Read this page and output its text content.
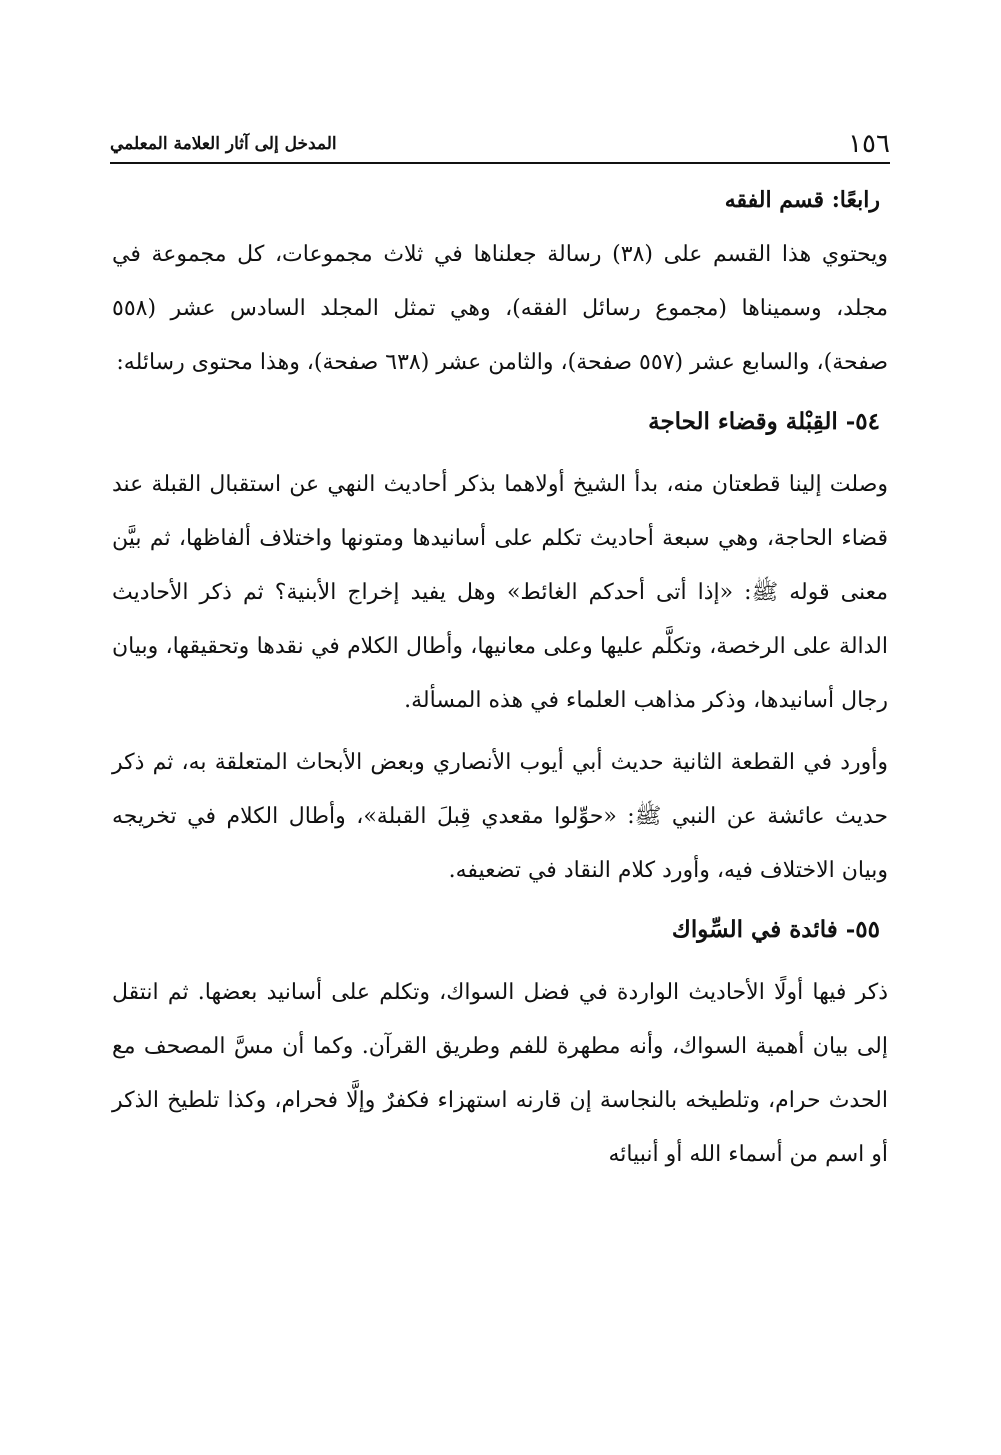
١٥٦
المدخل إلى آثار العلامة المعلمي
رابعًا: قسم الفقه

ويحتوي هذا القسم على (٣٨) رسالة جعلناها في ثلاث مجموعات، كل مجموعة في مجلد، وسميناها (مجموع رسائل الفقه)، وهي تمثل المجلد السادس عشر (٥٥٨ صفحة)، والسابع عشر (٥٥٧ صفحة)، والثامن عشر (٦٣٨ صفحة)، وهذا محتوى رسائله:

٥٤- القِبْلة وقضاء الحاجة

وصلت إلينا قطعتان منه، بدأ الشيخ أولاهما بذكر أحاديث النهي عن استقبال القبلة عند قضاء الحاجة، وهي سبعة أحاديث تكلم على أسانيدها ومتونها واختلاف ألفاظها، ثم بيَّن معنى قوله ﷺ: «إذا أتى أحدكم الغائط» وهل يفيد إخراج الأبنية؟ ثم ذكر الأحاديث الدالة على الرخصة، وتكلَّم عليها وعلى معانيها، وأطال الكلام في نقدها وتحقيقها، وبيان رجال أسانيدها، وذكر مذاهب العلماء في هذه المسألة.

وأورد في القطعة الثانية حديث أبي أيوب الأنصاري وبعض الأبحاث المتعلقة به، ثم ذكر حديث عائشة عن النبي ﷺ: «حوِّلوا مقعدي قِبلَ القبلة»، وأطال الكلام في تخريجه وبيان الاختلاف فيه، وأورد كلام النقاد في تضعيفه.

٥٥- فائدة في السِّواك

ذكر فيها أولًا الأحاديث الواردة في فضل السواك، وتكلم على أسانيد بعضها. ثم انتقل إلى بيان أهمية السواك، وأنه مطهرة للفم وطريق القرآن. وكما أن مسَّ المصحف مع الحدث حرام، وتلطيخه بالنجاسة إن قارنه استهزاء فكفرٌ وإلَّا فحرام، وكذا تلطيخ الذكر أو اسم من أسماء الله أو أنبيائه
